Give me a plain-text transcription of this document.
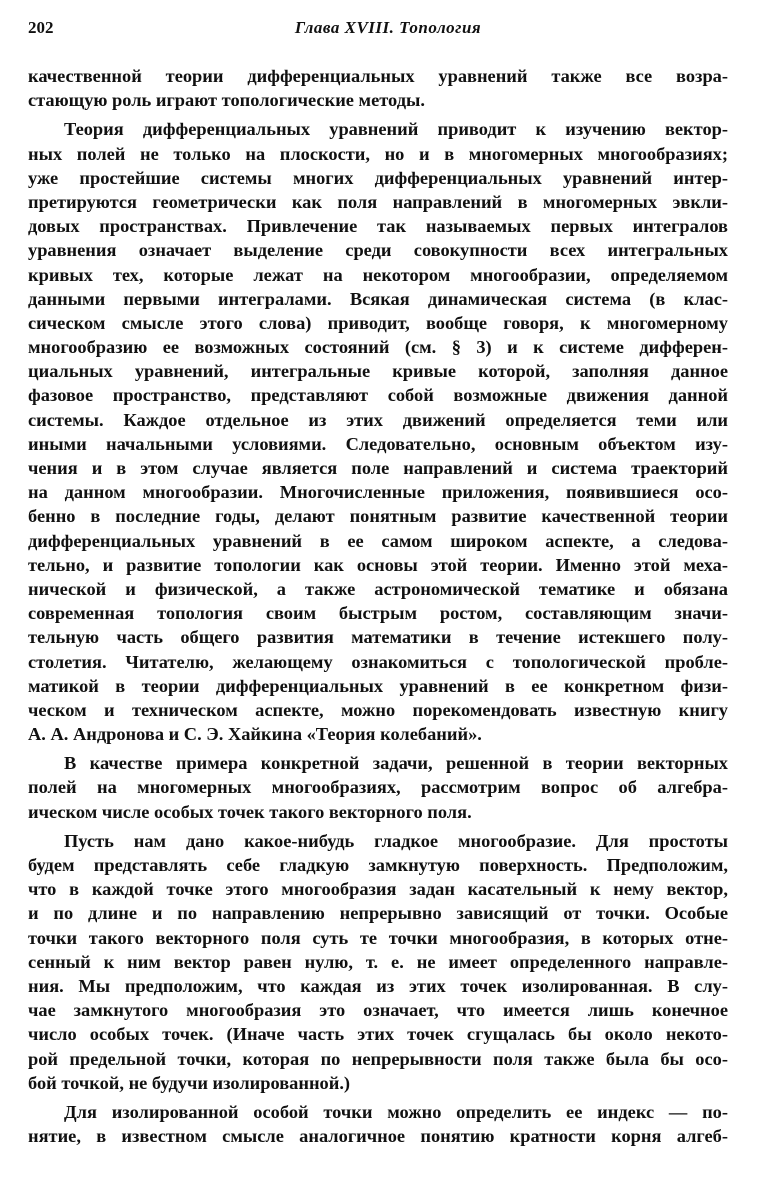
202	Глава XVIII. Топология
качественной теории дифференциальных уравнений также все возра-
стающую роль играют топологические методы.
Теория дифференциальных уравнений приводит к изучению вектор-
ных полей не только на плоскости, но и в многомерных многообразиях;
уже простейшие системы многих дифференциальных уравнений интер-
претируются геометрически как поля направлений в многомерных эвкли-
довых пространствах. Привлечение так называемых первых интегралов
уравнения означает выделение среди совокупности всех интегральных
кривых тех, которые лежат на некотором многообразии, определяемом
данными первыми интегралами. Всякая динамическая система (в клас-
сическом смысле этого слова) приводит, вообще говоря, к многомерному
многообразию ее возможных состояний (см. § 3) и к системе дифферен-
циальных уравнений, интегральные кривые которой, заполняя данное
фазовое пространство, представляют собой возможные движения данной
системы. Каждое отдельное из этих движений определяется теми или
иными начальными условиями. Следовательно, основным объектом изу-
чения и в этом случае является поле направлений и система траекторий
на данном многообразии. Многочисленные приложения, появившиеся осо-
бенно в последние годы, делают понятным развитие качественной теории
дифференциальных уравнений в ее самом широком аспекте, а следова-
тельно, и развитие топологии как основы этой теории. Именно этой меха-
нической и физической, а также астрономической тематике и обязана
современная топология своим быстрым ростом, составляющим значи-
тельную часть общего развития математики в течение истекшего полу-
столетия. Читателю, желающему ознакомиться с топологической пробле-
матикой в теории дифференциальных уравнений в ее конкретном физи-
ческом и техническом аспекте, можно порекомендовать известную книгу
А. А. Андронова и С. Э. Хайкина «Теория колебаний».
В качестве примера конкретной задачи, решенной в теории векторных
полей на многомерных многообразиях, рассмотрим вопрос об алгебра-
ическом числе особых точек такого векторного поля.
Пусть нам дано какое-нибудь гладкое многообразие. Для простоты
будем представлять себе гладкую замкнутую поверхность. Предположим,
что в каждой точке этого многообразия задан касательный к нему вектор,
и по длине и по направлению непрерывно зависящий от точки. Особые
точки такого векторного поля суть те точки многообразия, в которых отне-
сенный к ним вектор равен нулю, т. е. не имеет определенного направле-
ния. Мы предположим, что каждая из этих точек изолированная. В слу-
чае замкнутого многообразия это означает, что имеется лишь конечное
число особых точек. (Иначе часть этих точек сгущалась бы около некото-
рой предельной точки, которая по непрерывности поля также была бы осо-
бой точкой, не будучи изолированной.)
Для изолированной особой точки можно определить ее индекс — по-
нятие, в известном смысле аналогичное понятию кратности корня алгеб-
